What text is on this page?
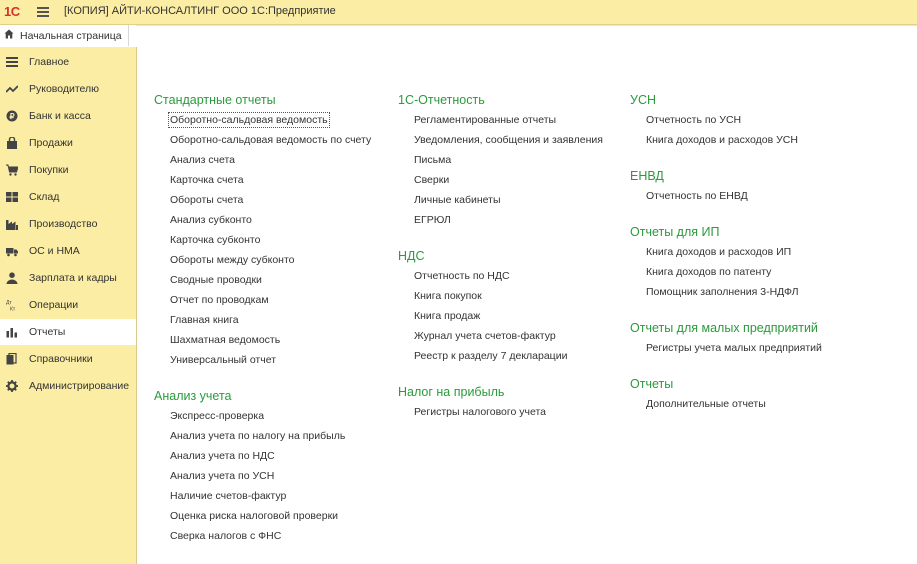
1С	[КОПИЯ] АЙТИ-КОНСАЛТИНГ ООО 1С:Предприятие
Начальная страница
Главное
Руководителю
₽ Банк и касса
Продажи
Покупки
Склад
Производство
ОС и НМА
Зарплата и кадры
Дт
Кт Операции
Отчеты
Справочники
Администрирование
Стандартные отчеты
Оборотно-сальдовая ведомость
Оборотно-сальдовая ведомость по счету
Анализ счета
Карточка счета
Обороты счета
Анализ субконто
Карточка субконто
Обороты между субконто
Сводные проводки
Отчет по проводкам
Главная книга
Шахматная ведомость
Универсальный отчет
Анализ учета
Экспресс-проверка
Анализ учета по налогу на прибыль
Анализ учета по НДС
Анализ учета по УСН
Наличие счетов-фактур
Оценка риска налоговой проверки
Сверка налогов с ФНС
1С-Отчетность
Регламентированные отчеты
Уведомления, сообщения и заявления
Письма
Сверки
Личные кабинеты
ЕГРЮЛ
НДС
Отчетность по НДС
Книга покупок
Книга продаж
Журнал учета счетов-фактур
Реестр к разделу 7 декларации
Налог на прибыль
Регистры налогового учета
УСН
Отчетность по УСН
Книга доходов и расходов УСН
ЕНВД
Отчетность по ЕНВД
Отчеты для ИП
Книга доходов и расходов ИП
Книга доходов по патенту
Помощник заполнения 3-НДФЛ
Отчеты для малых предприятий
Регистры учета малых предприятий
Отчеты
Дополнительные отчеты
